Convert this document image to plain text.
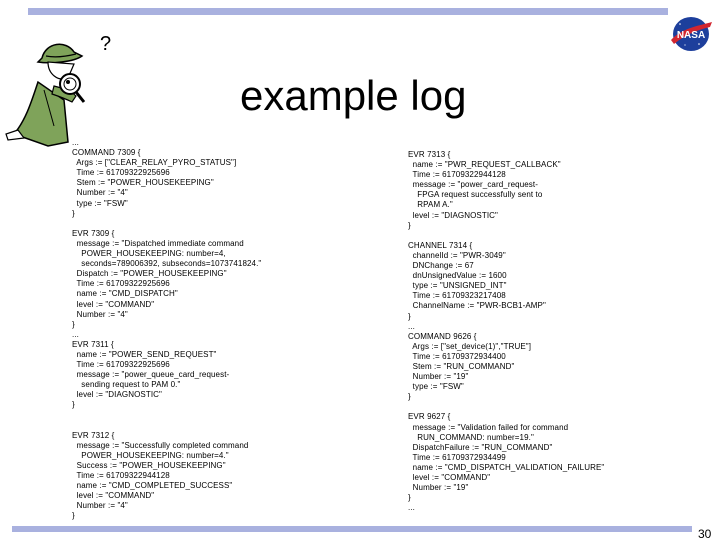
NASA
?
example log
...
COMMAND 7309 {
Args := ["CLEAR_RELAY_PYRO_STATUS"]
Time := 61709322925696
Stem := "POWER_HOUSEKEEPING"
Number := "4"
type := "FSW"
}
EVR 7309 {
message := "Dispatched immediate command
POWER_HOUSEKEEPING: number=4,
seconds=789006392, subseconds=1073741824."
Dispatch := "POWER_HOUSEKEEPING"
Time := 61709322925696
name := "CMD_DISPATCH"
level := "COMMAND"
Number := "4"
}
...
EVR 7311 {
name := "POWER_SEND_REQUEST"
Time := 61709322925696
message := "power_queue_card_request-
sending request to PAM 0."
level := "DIAGNOSTIC"
}
EVR 7312 {
message := "Successfully completed command
POWER_HOUSEKEEPING: number=4."
Success := "POWER_HOUSEKEEPING"
Time := 61709322944128
name := "CMD_COMPLETED_SUCCESS"
level := "COMMAND"
Number := "4"
}
EVR 7313 {
name := "PWR_REQUEST_CALLBACK"
Time := 61709322944128
message := "power_card_request-
FPGA request successfully sent to
RPAM A."
level := "DIAGNOSTIC"
}
CHANNEL 7314 {
channelId := "PWR-3049"
DNChange := 67
dnUnsignedValue := 1600
type := "UNSIGNED_INT"
Time := 61709323217408
ChannelName := "PWR-BCB1-AMP"
}
...
COMMAND 9626 {
Args := ["set_device(1)","TRUE"]
Time := 61709372934400
Stem := "RUN_COMMAND"
Number := "19"
type := "FSW"
}
EVR 9627 {
message := "Validation failed for command
RUN_COMMAND: number=19."
DispatchFailure := "RUN_COMMAND"
Time := 61709372934499
name := "CMD_DISPATCH_VALIDATION_FAILURE"
level := "COMMAND"
Number := "19"
}
...
30
